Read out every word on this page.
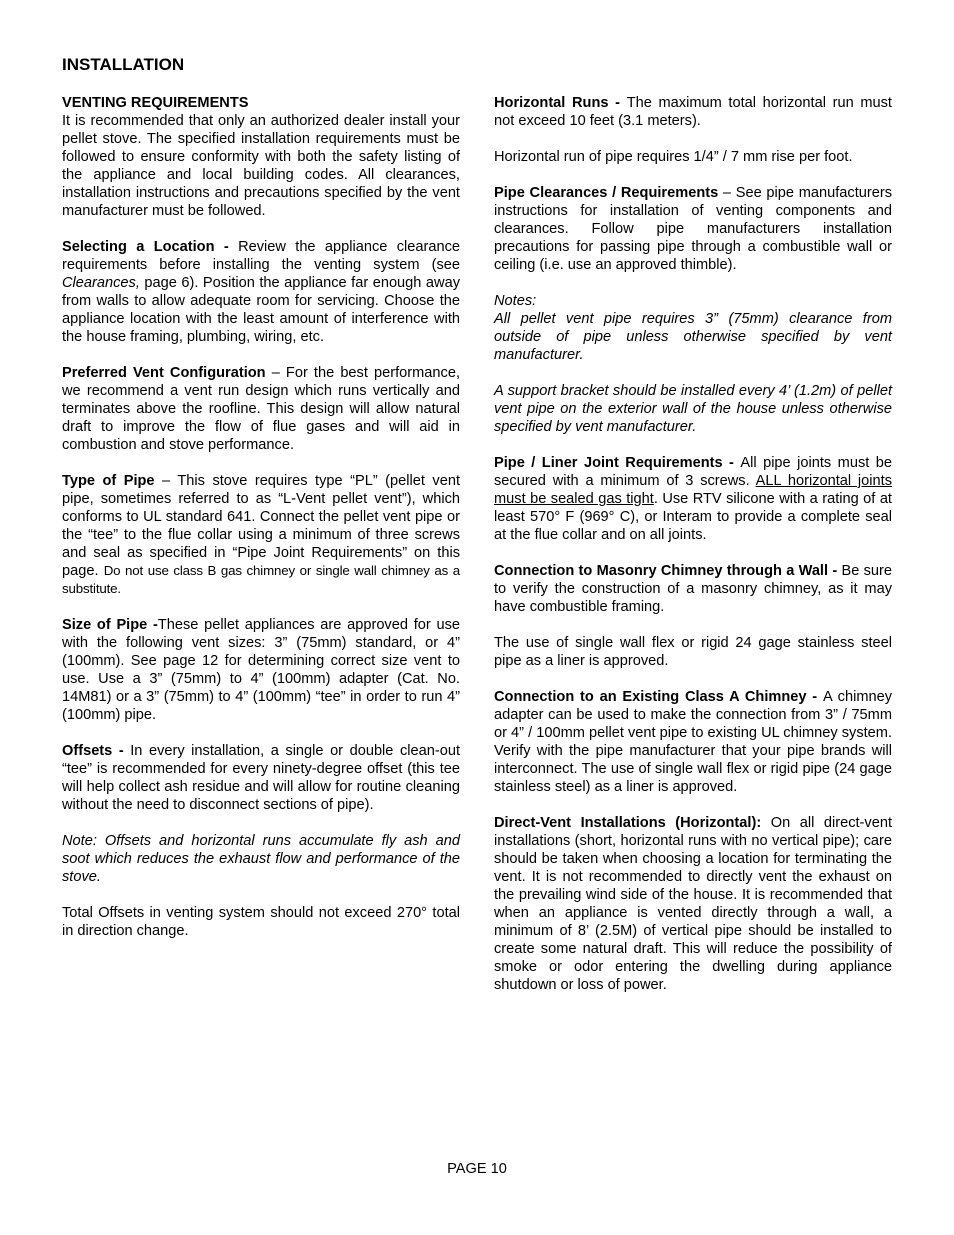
INSTALLATION
VENTING REQUIREMENTS

It is recommended that only an authorized dealer install your pellet stove. The specified installation requirements must be followed to ensure conformity with both the safety listing of the appliance and local building codes. All clearances, installation instructions and precautions specified by the vent manufacturer must be followed.

Selecting a Location - Review the appliance clearance requirements before installing the venting system (see Clearances, page 6). Position the appliance far enough away from walls to allow adequate room for servicing. Choose the appliance location with the least amount of interference with the house framing, plumbing, wiring, etc.

Preferred Vent Configuration – For the best performance, we recommend a vent run design which runs vertically and terminates above the roofline. This design will allow natural draft to improve the flow of flue gases and will aid in combustion and stove performance.

Type of Pipe – This stove requires type “PL” (pellet vent pipe, sometimes referred to as “L-Vent pellet vent”), which conforms to UL standard 641. Connect the pellet vent pipe or the “tee” to the flue collar using a minimum of three screws and seal as specified in “Pipe Joint Requirements” on this page. Do not use class B gas chimney or single wall chimney as a substitute.

Size of Pipe -These pellet appliances are approved for use with the following vent sizes: 3” (75mm) standard, or 4” (100mm). See page 12 for determining correct size vent to use. Use a 3” (75mm) to 4” (100mm) adapter (Cat. No. 14M81) or a 3” (75mm) to 4” (100mm) “tee” in order to run 4” (100mm) pipe.

Offsets - In every installation, a single or double clean-out “tee” is recommended for every ninety-degree offset (this tee will help collect ash residue and will allow for routine cleaning without the need to disconnect sections of pipe).

Note: Offsets and horizontal runs accumulate fly ash and soot which reduces the exhaust flow and performance of the stove.

Total Offsets in venting system should not exceed 270° total in direction change.

Horizontal Runs - The maximum total horizontal run must not exceed 10 feet (3.1 meters).

Horizontal run of pipe requires 1/4” / 7 mm rise per foot.

Pipe Clearances / Requirements – See pipe manufacturers instructions for installation of venting components and clearances. Follow pipe manufacturers installation precautions for passing pipe through a combustible wall or ceiling (i.e. use an approved thimble).

Notes:

All pellet vent pipe requires 3” (75mm) clearance from outside of pipe unless otherwise specified by vent manufacturer.

A support bracket should be installed every 4’ (1.2m) of pellet vent pipe on the exterior wall of the house unless otherwise specified by vent manufacturer.

Pipe / Liner Joint Requirements - All pipe joints must be secured with a minimum of 3 screws. ALL horizontal joints must be sealed gas tight. Use RTV silicone with a rating of at least 570° F (969° C), or Interam to provide a complete seal at the flue collar and on all joints.

Connection to Masonry Chimney through a Wall - Be sure to verify the construction of a masonry chimney, as it may have combustible framing.

The use of single wall flex or rigid 24 gage stainless steel pipe as a liner is approved.

Connection to an Existing Class A Chimney - A chimney adapter can be used to make the connection from 3” / 75mm or 4” / 100mm pellet vent pipe to existing UL chimney system. Verify with the pipe manufacturer that your pipe brands will interconnect. The use of single wall flex or rigid pipe (24 gage stainless steel) as a liner is approved.

Direct-Vent Installations (Horizontal): On all direct-vent installations (short, horizontal runs with no vertical pipe); care should be taken when choosing a location for terminating the vent. It is not recommended to directly vent the exhaust on the prevailing wind side of the house. It is recommended that when an appliance is vented directly through a wall, a minimum of 8’ (2.5M) of vertical pipe should be installed to create some natural draft. This will reduce the possibility of smoke or odor entering the dwelling during appliance shutdown or loss of power.

PAGE 10
